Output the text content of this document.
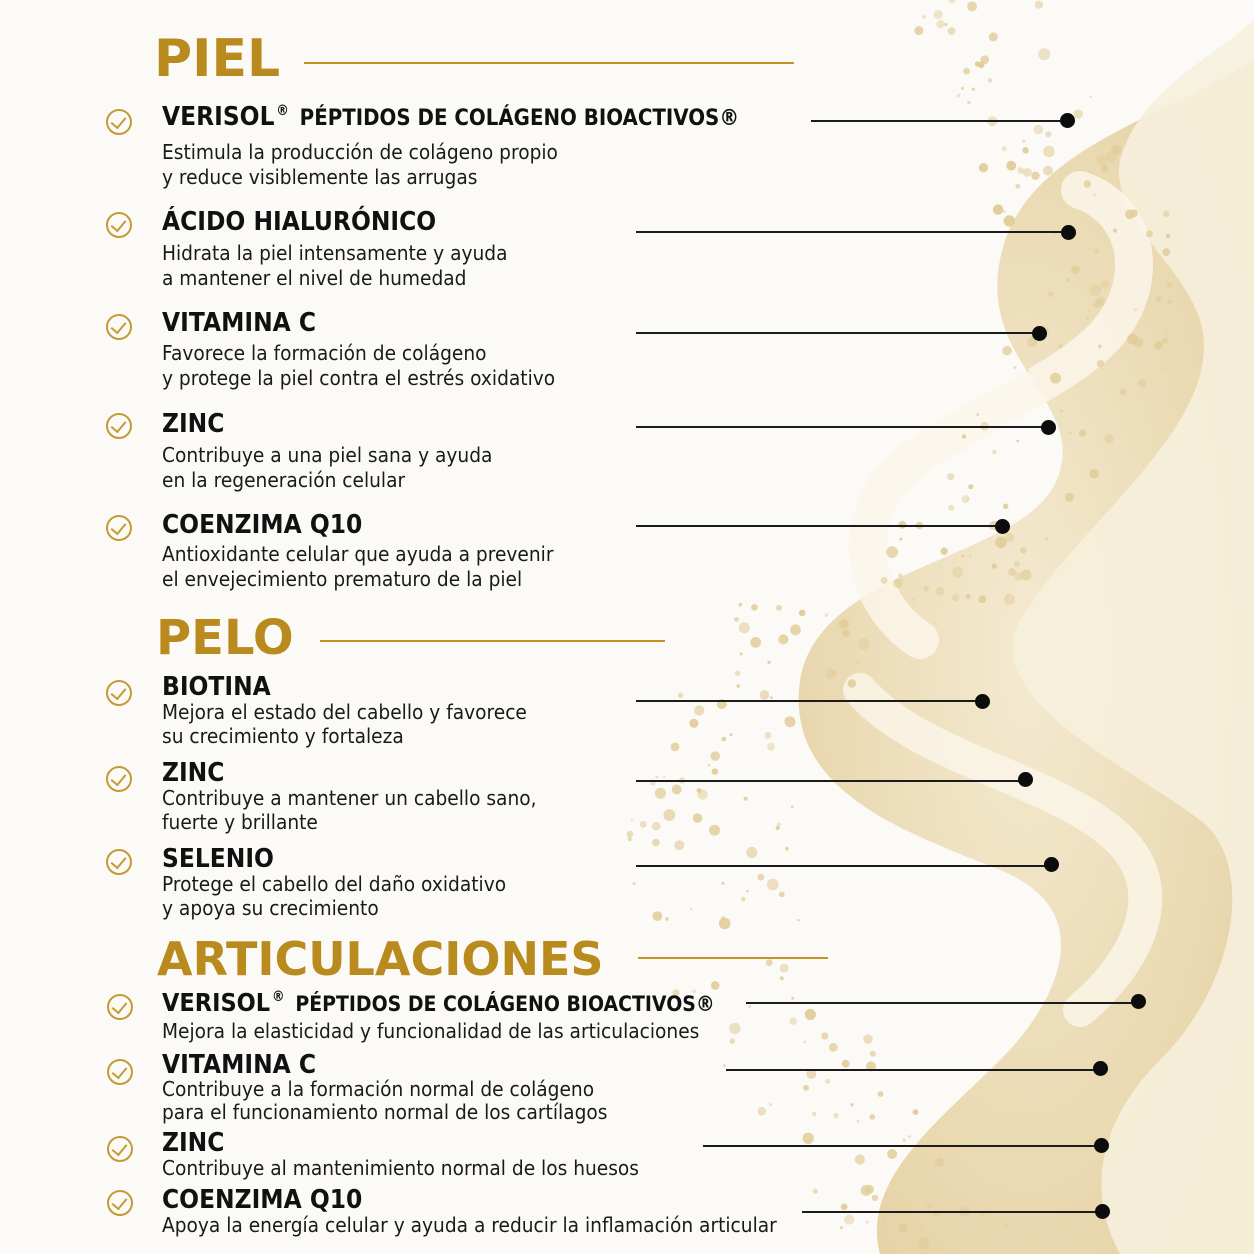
PIEL
VERISOL ® PÉPTIDOS DE COLÁGENO BIOACTIVOS®

Estimula la producción de colágeno propio
y reduce visiblemente las arrugas

ÁCIDO HIALURÓNICO

Hidrata la piel intensamente y ayuda
a mantener el nivel de humedad

VITAMINA C

Favorece la formación de colágeno
y protege la piel contra el estrés oxidativo

ZINC

Contribuye a una piel sana y ayuda
en la regeneración celular

COENZIMA Q10

Antioxidante celular que ayuda a prevenir
el envejecimiento prematuro de la piel

PELO
BIOTINA

Mejora el estado del cabello y favorece
su crecimiento y fortaleza

ZINC

Contribuye a mantener un cabello sano,
fuerte y brillante

SELENIO

Protege el cabello del daño oxidativo
y apoya su crecimiento

ARTICULACIONES
VERISOL ® PÉPTIDOS DE COLÁGENO BIOACTIVOS®

Mejora la elasticidad y funcionalidad de las articulaciones

VITAMINA C

Contribuye a la formación normal de colágeno
para el funcionamiento normal de los cartílagos

ZINC

Contribuye al mantenimiento normal de los huesos

COENZIMA Q10

Apoya la energía celular y ayuda a reducir la inflamación articular
